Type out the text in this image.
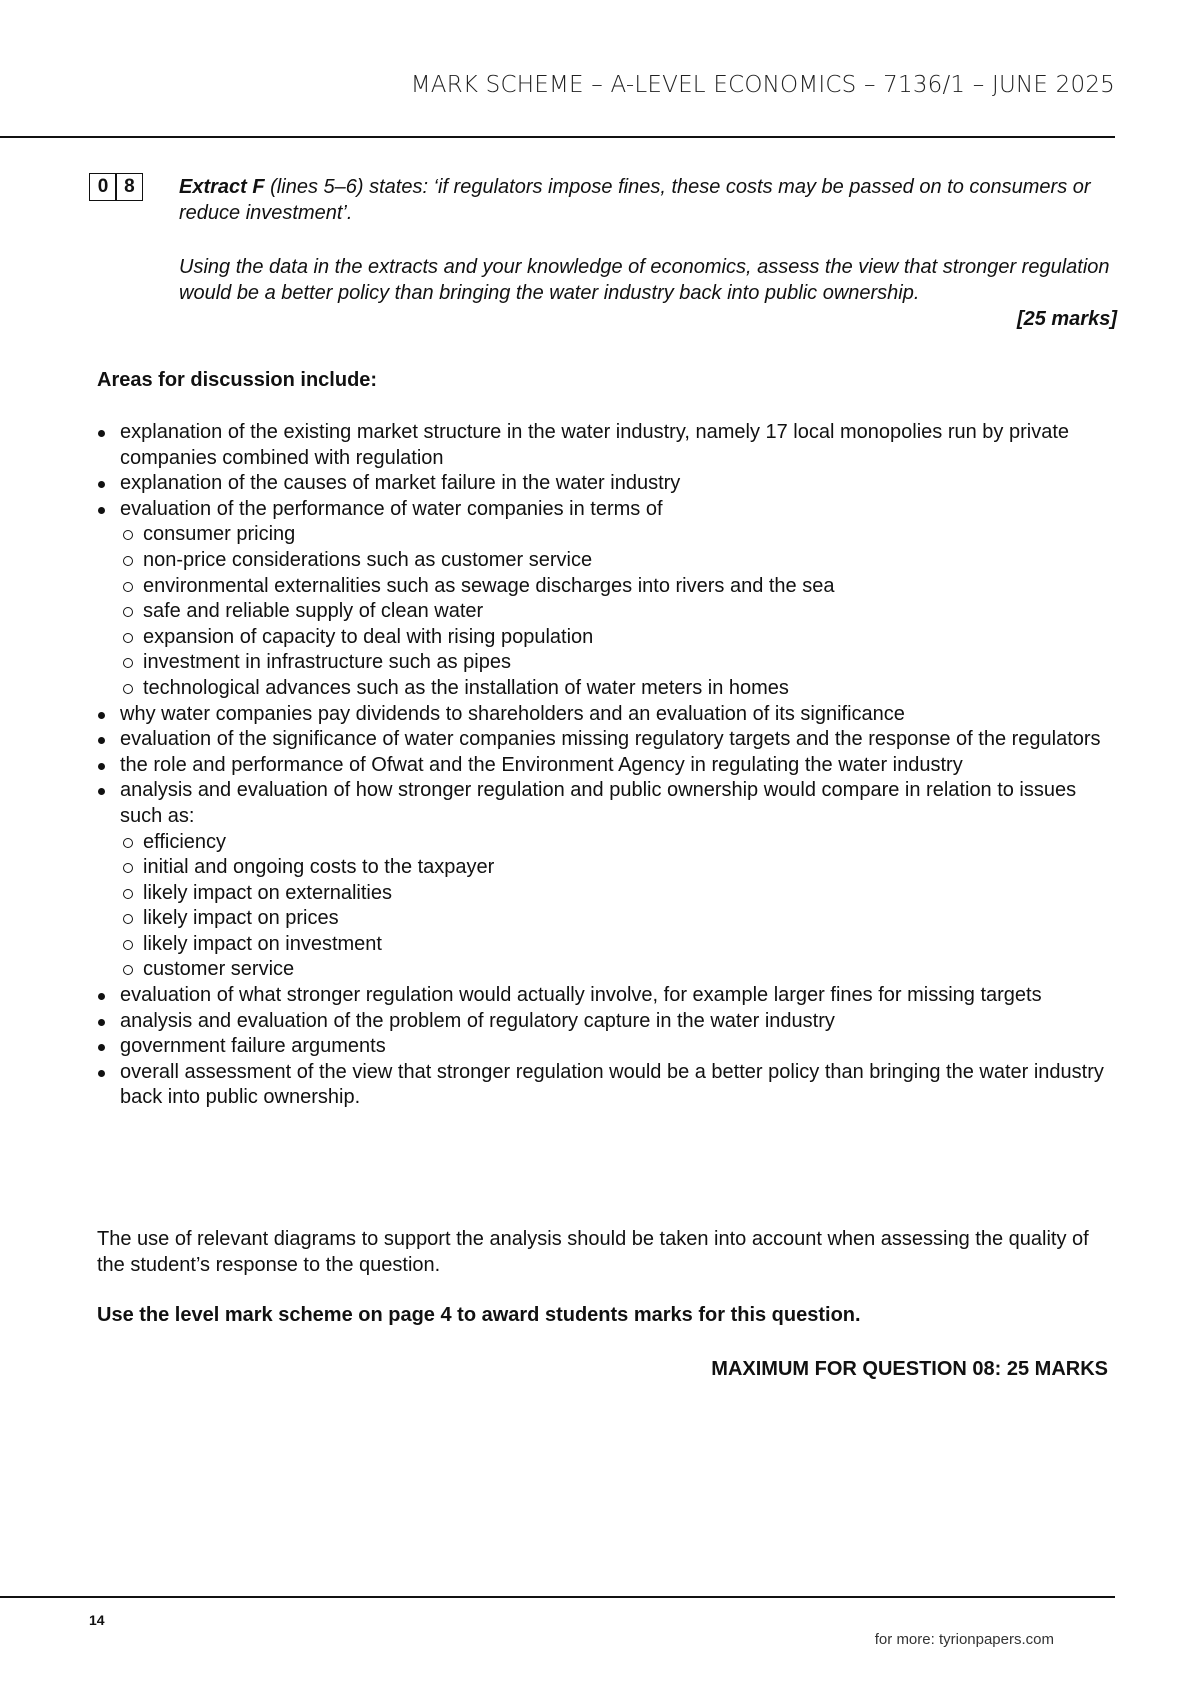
MARK SCHEME – A-LEVEL ECONOMICS – 7136/1 – JUNE 2025
0 8	Extract F (lines 5–6) states: ‘if regulators impose fines, these costs may be passed on to consumers or reduce investment’.

Using the data in the extracts and your knowledge of economics, assess the view that stronger regulation would be a better policy than bringing the water industry back into public ownership.

[25 marks]
Areas for discussion include:
explanation of the existing market structure in the water industry, namely 17 local monopolies run by private companies combined with regulation
explanation of the causes of market failure in the water industry
evaluation of the performance of water companies in terms of
consumer pricing
non-price considerations such as customer service
environmental externalities such as sewage discharges into rivers and the sea
safe and reliable supply of clean water
expansion of capacity to deal with rising population
investment in infrastructure such as pipes
technological advances such as the installation of water meters in homes
why water companies pay dividends to shareholders and an evaluation of its significance
evaluation of the significance of water companies missing regulatory targets and the response of the regulators
the role and performance of Ofwat and the Environment Agency in regulating the water industry
analysis and evaluation of how stronger regulation and public ownership would compare in relation to issues such as:
efficiency
initial and ongoing costs to the taxpayer
likely impact on externalities
likely impact on prices
likely impact on investment
customer service
evaluation of what stronger regulation would actually involve, for example larger fines for missing targets
analysis and evaluation of the problem of regulatory capture in the water industry
government failure arguments
overall assessment of the view that stronger regulation would be a better policy than bringing the water industry back into public ownership.
The use of relevant diagrams to support the analysis should be taken into account when assessing the quality of the student’s response to the question.
Use the level mark scheme on page 4 to award students marks for this question.
MAXIMUM FOR QUESTION 08: 25 MARKS
14
for more: tyrionpapers.com
